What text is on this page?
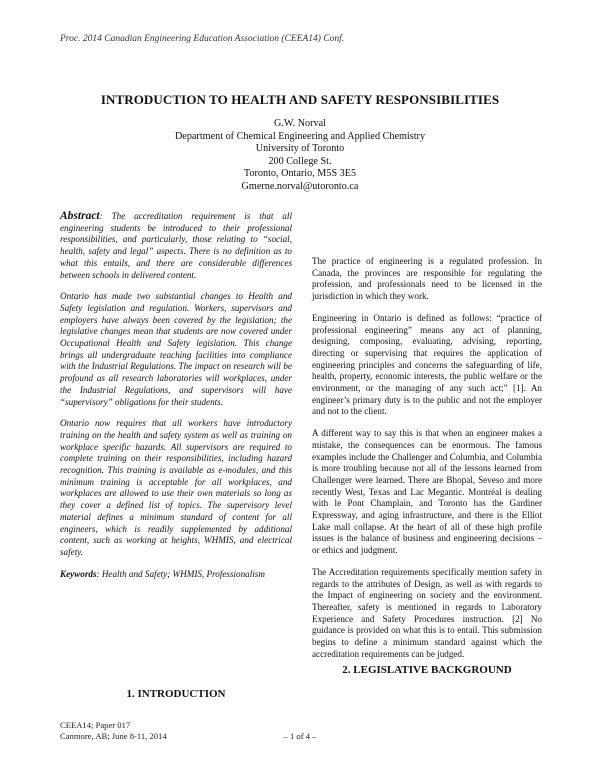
Proc. 2014 Canadian Engineering Education Association (CEEA14) Conf.
INTRODUCTION TO HEALTH AND SAFETY RESPONSIBILITIES
G.W. Norval
Department of Chemical Engineering and Applied Chemistry
University of Toronto
200 College St.
Toronto, Ontario, M5S 3E5
Gmerne.norval@utoronto.ca

Abstract: The accreditation requirement is that all engineering students be introduced to their professional responsibilities, and particularly, those relating to “social, health, safety and legal” aspects. There is no definition as to what this entails, and there are considerable differences between schools in delivered content.

Ontario has made two substantial changes to Health and Safety legislation and regulation. Workers, supervisors and employers have always been covered by the legislation; the legislative changes mean that students are now covered under Occupational Health and Safety legislation. This change brings all undergraduate teaching facilities into compliance with the Industrial Regulations. The impact on research will be profound as all research laboratories will workplaces, under the Industrial Regulations, and supervisors will have “supervisory” obligations for their students.

Ontario now requires that all workers have introductory training on the health and safety system as well as training on workplace specific hazards. All supervisors are required to complete training on their responsibilities, including hazard recognition. This training is available as e-modules, and this minimum training is acceptable for all workplaces, and workplaces are allowed to use their own materials so long as they cover a defined list of topics. The supervisory level material defines a minimum standard of content for all engineers, which is readily supplemented by additional content, such as working at heights, WHMIS, and electrical safety.

Keywords: Health and Safety; WHMIS, Professionalism

The practice of engineering is a regulated profession. In Canada, the provinces are responsible for regulating the profession, and professionals need to be licensed in the jurisdiction in which they work.

Engineering in Ontario is defined as follows: “practice of professional engineering” means any act of planning, designing, composing, evaluating, advising, reporting, directing or supervising that requires the application of engineering principles and concerns the safeguarding of life, health, property, economic interests, the public welfare or the environment, or the managing of any such act;” [1]. An engineer’s primary duty is to the public and not the employer and not to the client.

A different way to say this is that when an engineer makes a mistake, the consequences can be enormous. The famous examples include the Challenger and Columbia, and Columbia is more troubling because not all of the lessons learned from Challenger were learned. There are Bhopal, Seveso and more recently West, Texas and Lac Megantic. Montréal is dealing with le Pont Champlain, and Toronto has the Gardiner Expressway, and aging infrastructure, and there is the Elliot Lake mall collapse. At the heart of all of these high profile issues is the balance of business and engineering decisions – or ethics and judgment.

The Accreditation requirements specifically mention safety in regards to the attributes of Design, as well as with regards to the Impact of engineering on society and the environment. Thereafter, safety is mentioned in regards to Laboratory Experience and Safety Procedures instruction. [2] No guidance is provided on what this is to entail. This submission begins to define a minimum standard against which the accreditation requirements can be judged.

2. LEGISLATIVE BACKGROUND
1. INTRODUCTION
CEEA14; Paper 017
Canmore, AB; June 8-11, 2014	– 1 of 4 –
